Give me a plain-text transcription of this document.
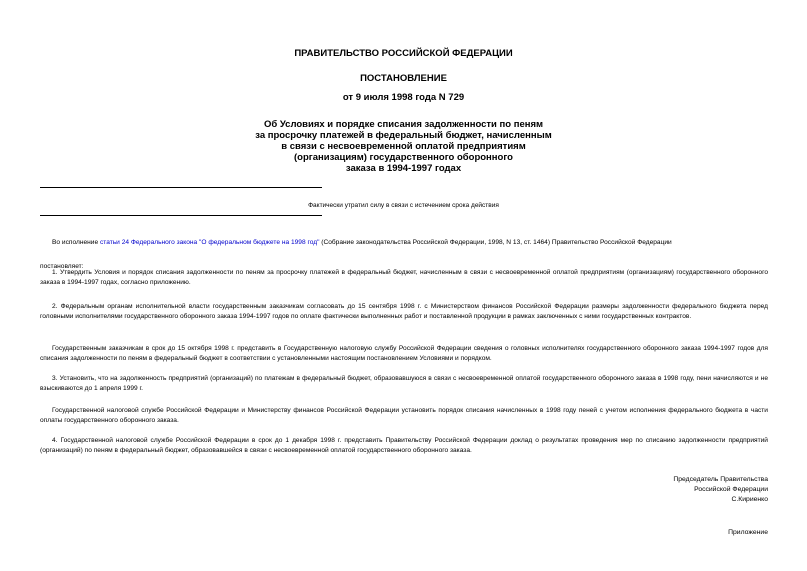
ПРАВИТЕЛЬСТВО РОССИЙСКОЙ ФЕДЕРАЦИИ
ПОСТАНОВЛЕНИЕ
от 9 июля 1998 года N 729
Об Условиях и порядке списания задолженности по пеням
за просрочку платежей в федеральный бюджет, начисленным
в связи с несвоевременной оплатой предприятиям
(организациям) государственного оборонного
заказа в 1994-1997 годах
Фактически утратил силу в связи с истечением срока действия
Во исполнение статьи 24 Федерального закона "О федеральном бюджете на 1998 год" (Собрание законодательства Российской Федерации, 1998, N 13, ст. 1464) Правительство Российской Федерации
постановляет:
1. Утвердить Условия и порядок списания задолженности по пеням за просрочку платежей в федеральный бюджет, начисленным в связи с несвоевременной оплатой предприятиям (организациям) государственного оборонного заказа в 1994-1997 годах, согласно приложению.
2. Федеральным органам исполнительной власти государственным заказчикам согласовать до 15 сентября 1998 г. с Министерством финансов Российской Федерации размеры задолженности федерального бюджета перед головными исполнителями государственного оборонного заказа 1994-1997 годов по оплате фактически выполненных работ и поставленной продукции в рамках заключенных с ними государственных контрактов.
Государственным заказчикам в срок до 15 октября 1998 г. представить в Государственную налоговую службу Российской Федерации сведения о головных исполнителях государственного оборонного заказа 1994-1997 годов для списания задолженности по пеням в федеральный бюджет в соответствии с установленными настоящим постановлением Условиями и порядком.
3. Установить, что на задолженность предприятий (организаций) по платежам в федеральный бюджет, образовавшуюся в связи с несвоевременной оплатой государственного оборонного заказа в 1998 году, пени начисляются и не взыскиваются до 1 апреля 1999 г.
Государственной налоговой службе Российской Федерации и Министерству финансов Российской Федерации установить порядок списания начисленных в 1998 году пеней с учетом исполнения федерального бюджета в части оплаты государственного оборонного заказа.
4. Государственной налоговой службе Российской Федерации в срок до 1 декабря 1998 г. представить Правительству Российской Федерации доклад о результатах проведения мер по списанию задолженности предприятий (организаций) по пеням в федеральный бюджет, образовавшейся в связи с несвоевременной оплатой государственного оборонного заказа.
Председатель Правительства
Российской Федерации
С.Кириенко
Приложение
